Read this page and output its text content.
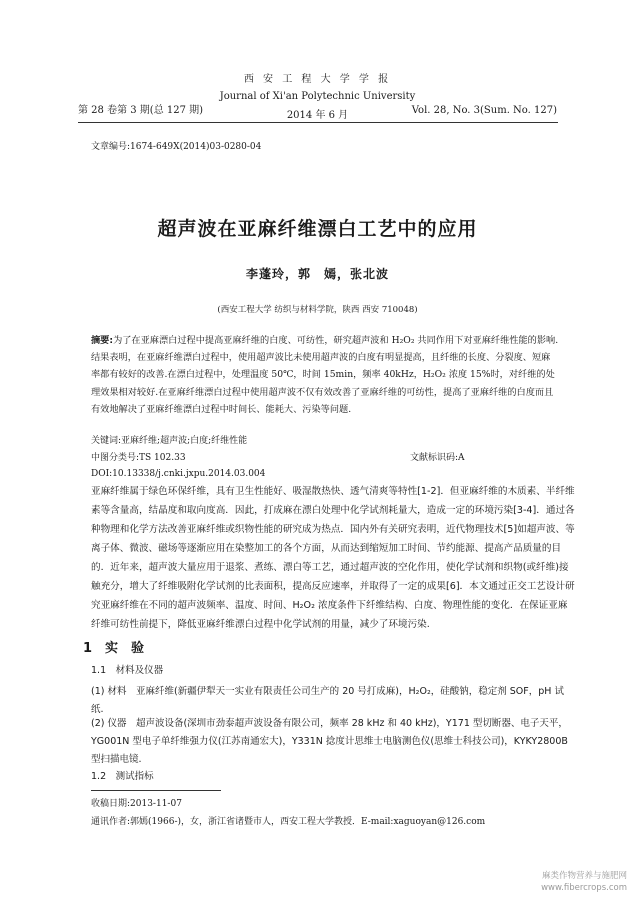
西 安 工 程 大 学 学 报
Journal of Xi'an Polytechnic University
第 28 卷第 3 期(总 127 期)	2014 年 6 月	Vol. 28, No. 3(Sum. No. 127)
文章编号:1674-649X(2014)03-0280-04
超声波在亚麻纤维漂白工艺中的应用
李蓬玲，郭　嫣，张北波
(西安工程大学 纺织与材料学院，陕西 西安 710048)
摘要:为了在亚麻漂白过程中提高亚麻纤维的白度、可纺性，研究超声波和 H₂O₂ 共同作用下对亚麻纤维性能的影响.结果表明，在亚麻纤维漂白过程中，使用超声波比未使用超声波的白度有明显提高，且纤维的长度、分裂度、短麻率都有较好的改善.在漂白过程中，处理温度 50℃，时间 15min，频率 40kHz，H₂O₂ 浓度 15%时，对纤维的处理效果相对较好.在亚麻纤维漂白过程中使用超声波不仅有效改善了亚麻纤维的可纺性，提高了亚麻纤维的白度而且有效地解决了亚麻纤维漂白过程中时间长、能耗大、污染等问题.
关键词:亚麻纤维;超声波;白度;纤维性能
中图分类号:TS 102.33	文献标识码:A
DOI:10.13338/j.cnki.jxpu.2014.03.004
亚麻纤维属于绿色环保纤维，具有卫生性能好、吸湿散热快、透气清爽等特性[1-2]．但亚麻纤维的木质素、半纤维素等含量高，结晶度和取向度高．因此，打成麻在漂白处理中化学试剂耗量大，造成一定的环境污染[3-4]．通过各种物理和化学方法改善亚麻纤维或织物性能的研究成为热点．国内外有关研究表明，近代物理技术[5]如超声波、等离子体、微波、磁场等逐渐应用在染整加工的各个方面，从而达到缩短加工时间、节约能源、提高产品质量的目的．近年来，超声波大量应用于退浆、煮练、漂白等工艺，通过超声波的空化作用，使化学试剂和织物(或纤维)接触充分，增大了纤维吸附化学试剂的比表面积，提高反应速率，并取得了一定的成果[6]．本文通过正交工艺设计研究亚麻纤维在不同的超声波频率、温度、时间、H₂O₂ 浓度条件下纤维结构、白度、物理性能的变化．在保证亚麻纤维可纺性前提下，降低亚麻纤维漂白过程中化学试剂的用量，减少了环境污染.
1　实　验
1.1　材料及仪器
(1) 材料　亚麻纤维(新疆伊犁天一实业有限责任公司生产的 20 号打成麻)，H₂O₂，硅酸钠，稳定剂 SOF，pH 试纸.
(2) 仪器　超声波设备(深圳市劲泰超声波设备有限公司，频率 28 kHz 和 40 kHz)，Y171 型切断器、电子天平，YG001N 型电子单纤维强力仪(江苏南通宏大)，Y331N 捻度计思维士电脑测色仪(思维士科技公司)，KYKY2800B 型扫描电镜.
1.2　测试指标
收稿日期:2013-11-07
通讯作者:郭嫣(1966-)，女，浙江省诸暨市人，西安工程大学教授．E-mail:xaguoyan@126.com
麻类作物营养与施肥网
www.fibercrops.com
